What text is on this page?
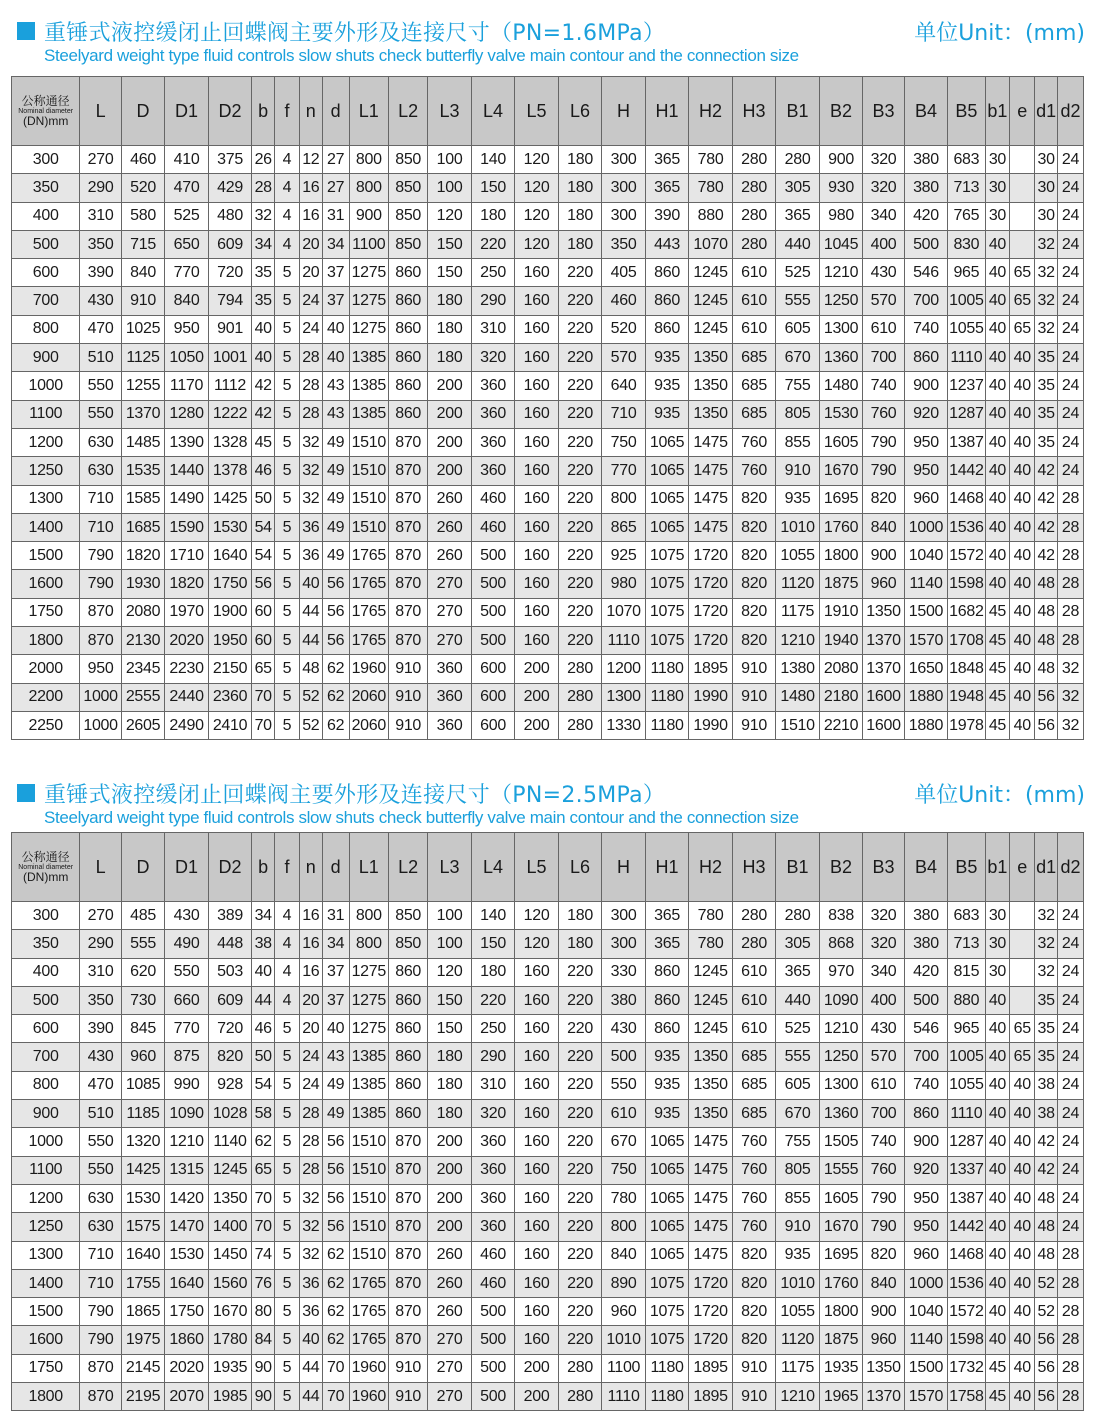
重锤式液控缓闭止回蝶阀主要外形及连接尺寸（PN=1.6MPa）	单位Unit：(mm)
Steelyard weight type fluid controls slow shuts check butterfly valve main contour and the connection size
公称通径
Nominal diameter
(DN)mm	L	D	D1	D2	b	f	n	d	L1	L2	L3	L4	L5	L6	H	H1	H2	H3	B1	B2	B3	B4	B5	b1	e	d1	d2
300	270	460	410	375	26	4	12	27	800	850	100	140	120	180	300	365	780	280	280	900	320	380	683	30		30	24
350	290	520	470	429	28	4	16	27	800	850	100	150	120	180	300	365	780	280	305	930	320	380	713	30		30	24
400	310	580	525	480	32	4	16	31	900	850	120	180	120	180	300	390	880	280	365	980	340	420	765	30		30	24
500	350	715	650	609	34	4	20	34	1100	850	150	220	120	180	350	443	1070	280	440	1045	400	500	830	40		32	24
600	390	840	770	720	35	5	20	37	1275	860	150	250	160	220	405	860	1245	610	525	1210	430	546	965	40	65	32	24
700	430	910	840	794	35	5	24	37	1275	860	180	290	160	220	460	860	1245	610	555	1250	570	700	1005	40	65	32	24
800	470	1025	950	901	40	5	24	40	1275	860	180	310	160	220	520	860	1245	610	605	1300	610	740	1055	40	65	32	24
900	510	1125	1050	1001	40	5	28	40	1385	860	180	320	160	220	570	935	1350	685	670	1360	700	860	1110	40	40	35	24
1000	550	1255	1170	1112	42	5	28	43	1385	860	200	360	160	220	640	935	1350	685	755	1480	740	900	1237	40	40	35	24
1100	550	1370	1280	1222	42	5	28	43	1385	860	200	360	160	220	710	935	1350	685	805	1530	760	920	1287	40	40	35	24
1200	630	1485	1390	1328	45	5	32	49	1510	870	200	360	160	220	750	1065	1475	760	855	1605	790	950	1387	40	40	35	24
1250	630	1535	1440	1378	46	5	32	49	1510	870	200	360	160	220	770	1065	1475	760	910	1670	790	950	1442	40	40	42	24
1300	710	1585	1490	1425	50	5	32	49	1510	870	260	460	160	220	800	1065	1475	820	935	1695	820	960	1468	40	40	42	28
1400	710	1685	1590	1530	54	5	36	49	1510	870	260	460	160	220	865	1065	1475	820	1010	1760	840	1000	1536	40	40	42	28
1500	790	1820	1710	1640	54	5	36	49	1765	870	260	500	160	220	925	1075	1720	820	1055	1800	900	1040	1572	40	40	42	28
1600	790	1930	1820	1750	56	5	40	56	1765	870	270	500	160	220	980	1075	1720	820	1120	1875	960	1140	1598	40	40	48	28
1750	870	2080	1970	1900	60	5	44	56	1765	870	270	500	160	220	1070	1075	1720	820	1175	1910	1350	1500	1682	45	40	48	28
1800	870	2130	2020	1950	60	5	44	56	1765	870	270	500	160	220	1110	1075	1720	820	1210	1940	1370	1570	1708	45	40	48	28
2000	950	2345	2230	2150	65	5	48	62	1960	910	360	600	200	280	1200	1180	1895	910	1380	2080	1370	1650	1848	45	40	48	32
2200	1000	2555	2440	2360	70	5	52	62	2060	910	360	600	200	280	1300	1180	1990	910	1480	2180	1600	1880	1948	45	40	56	32
2250	1000	2605	2490	2410	70	5	52	62	2060	910	360	600	200	280	1330	1180	1990	910	1510	2210	1600	1880	1978	45	40	56	32
重锤式液控缓闭止回蝶阀主要外形及连接尺寸（PN=2.5MPa）	单位Unit：(mm)
Steelyard weight type fluid controls slow shuts check butterfly valve main contour and the connection size
公称通径
Nominal diameter
(DN)mm	L	D	D1	D2	b	f	n	d	L1	L2	L3	L4	L5	L6	H	H1	H2	H3	B1	B2	B3	B4	B5	b1	e	d1	d2
300	270	485	430	389	34	4	16	31	800	850	100	140	120	180	300	365	780	280	280	838	320	380	683	30		32	24
350	290	555	490	448	38	4	16	34	800	850	100	150	120	180	300	365	780	280	305	868	320	380	713	30		32	24
400	310	620	550	503	40	4	16	37	1275	860	120	180	160	220	330	860	1245	610	365	970	340	420	815	30		32	24
500	350	730	660	609	44	4	20	37	1275	860	150	220	160	220	380	860	1245	610	440	1090	400	500	880	40		35	24
600	390	845	770	720	46	5	20	40	1275	860	150	250	160	220	430	860	1245	610	525	1210	430	546	965	40	65	35	24
700	430	960	875	820	50	5	24	43	1385	860	180	290	160	220	500	935	1350	685	555	1250	570	700	1005	40	65	35	24
800	470	1085	990	928	54	5	24	49	1385	860	180	310	160	220	550	935	1350	685	605	1300	610	740	1055	40	40	38	24
900	510	1185	1090	1028	58	5	28	49	1385	860	180	320	160	220	610	935	1350	685	670	1360	700	860	1110	40	40	38	24
1000	550	1320	1210	1140	62	5	28	56	1510	870	200	360	160	220	670	1065	1475	760	755	1505	740	900	1287	40	40	42	24
1100	550	1425	1315	1245	65	5	28	56	1510	870	200	360	160	220	750	1065	1475	760	805	1555	760	920	1337	40	40	42	24
1200	630	1530	1420	1350	70	5	32	56	1510	870	200	360	160	220	780	1065	1475	760	855	1605	790	950	1387	40	40	48	24
1250	630	1575	1470	1400	70	5	32	56	1510	870	200	360	160	220	800	1065	1475	760	910	1670	790	950	1442	40	40	48	24
1300	710	1640	1530	1450	74	5	32	62	1510	870	260	460	160	220	840	1065	1475	820	935	1695	820	960	1468	40	40	48	28
1400	710	1755	1640	1560	76	5	36	62	1765	870	260	460	160	220	890	1075	1720	820	1010	1760	840	1000	1536	40	40	52	28
1500	790	1865	1750	1670	80	5	36	62	1765	870	260	500	160	220	960	1075	1720	820	1055	1800	900	1040	1572	40	40	52	28
1600	790	1975	1860	1780	84	5	40	62	1765	870	270	500	160	220	1010	1075	1720	820	1120	1875	960	1140	1598	40	40	56	28
1750	870	2145	2020	1935	90	5	44	70	1960	910	270	500	200	280	1100	1180	1895	910	1175	1935	1350	1500	1732	45	40	56	28
1800	870	2195	2070	1985	90	5	44	70	1960	910	270	500	200	280	1110	1180	1895	910	1210	1965	1370	1570	1758	45	40	56	28
